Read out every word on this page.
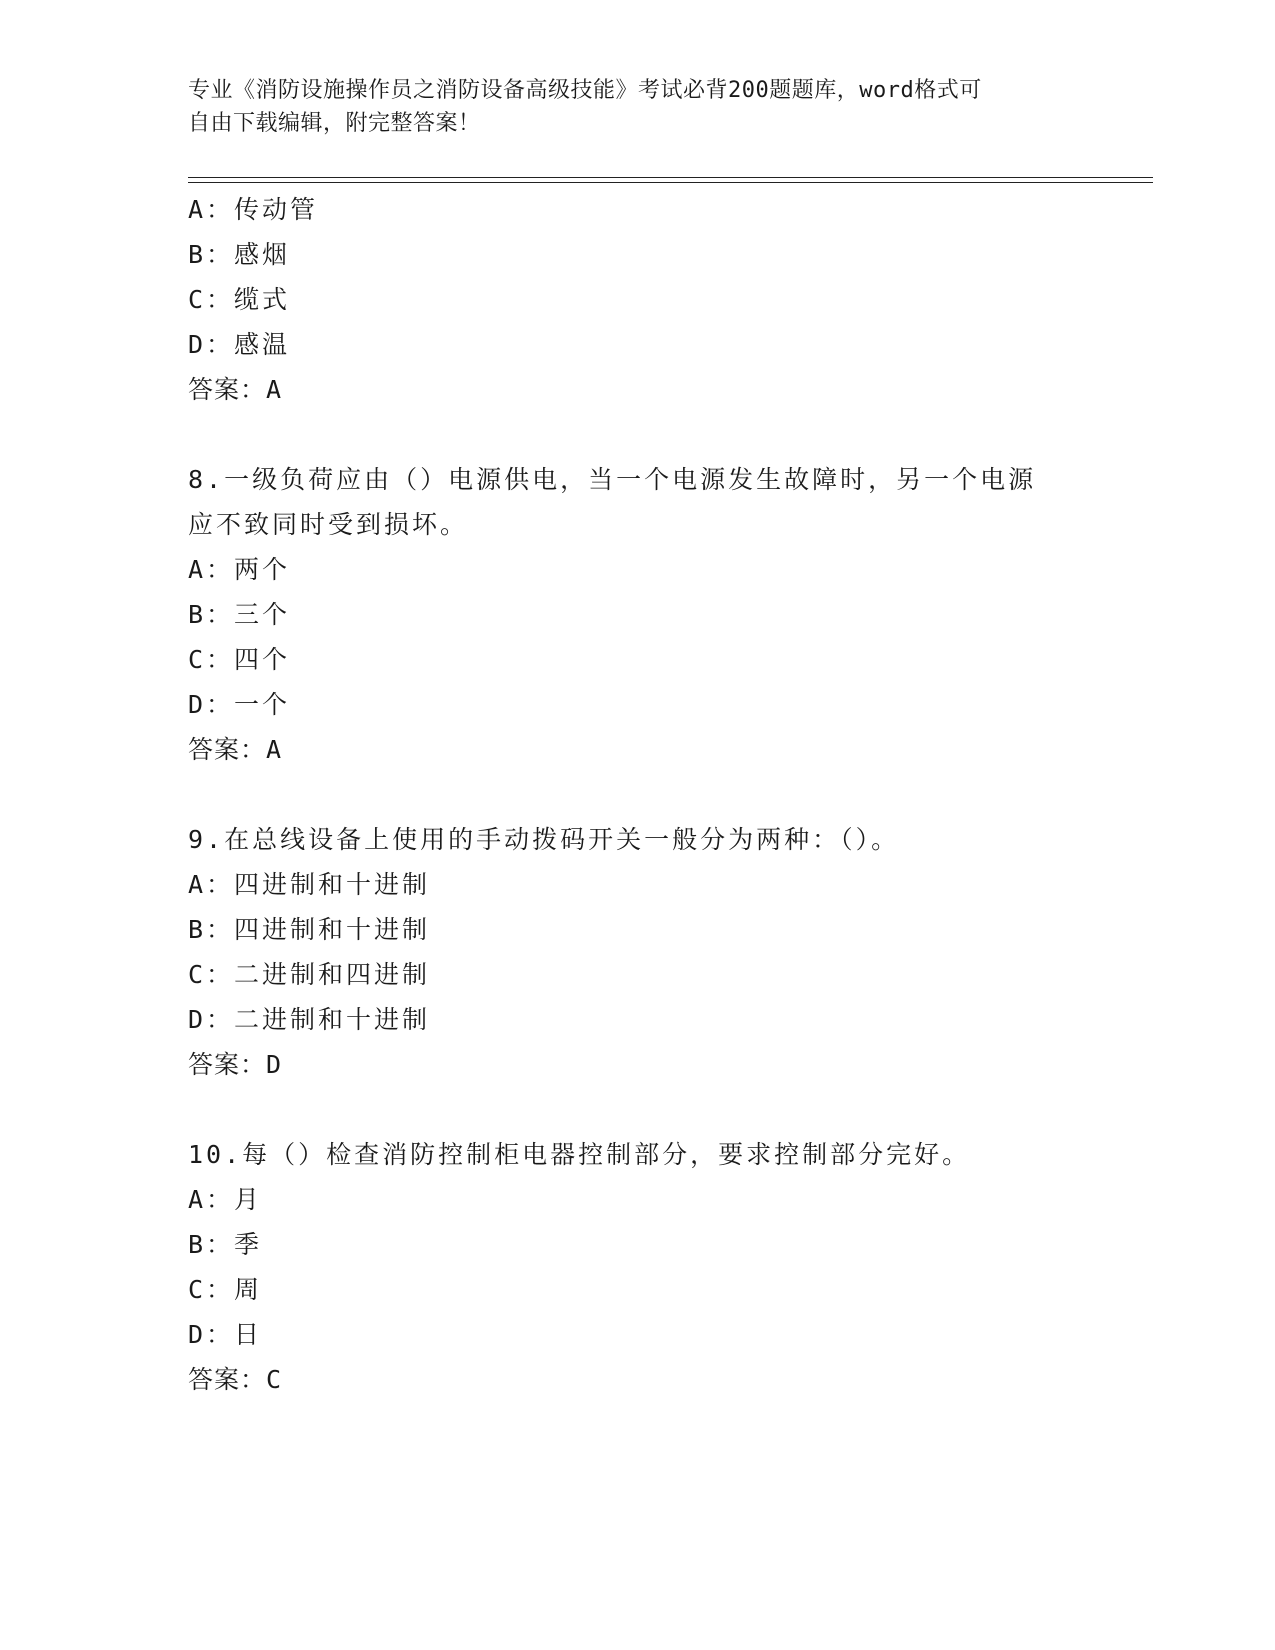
专业《消防设施操作员之消防设备高级技能》考试必背200题题库，word格式可
自由下载编辑，附完整答案！
A：传动管
B：感烟
C：缆式
D：感温
答案：A
8.一级负荷应由（）电源供电，当一个电源发生故障时，另一个电源
应不致同时受到损坏。
A：两个
B：三个
C：四个
D：一个
答案：A
9.在总线设备上使用的手动拨码开关一般分为两种：（）。
A：四进制和十进制
B：四进制和十进制
C：二进制和四进制
D：二进制和十进制
答案：D
10.每（）检查消防控制柜电器控制部分，要求控制部分完好。
A：月
B：季
C：周
D：日
答案：C
